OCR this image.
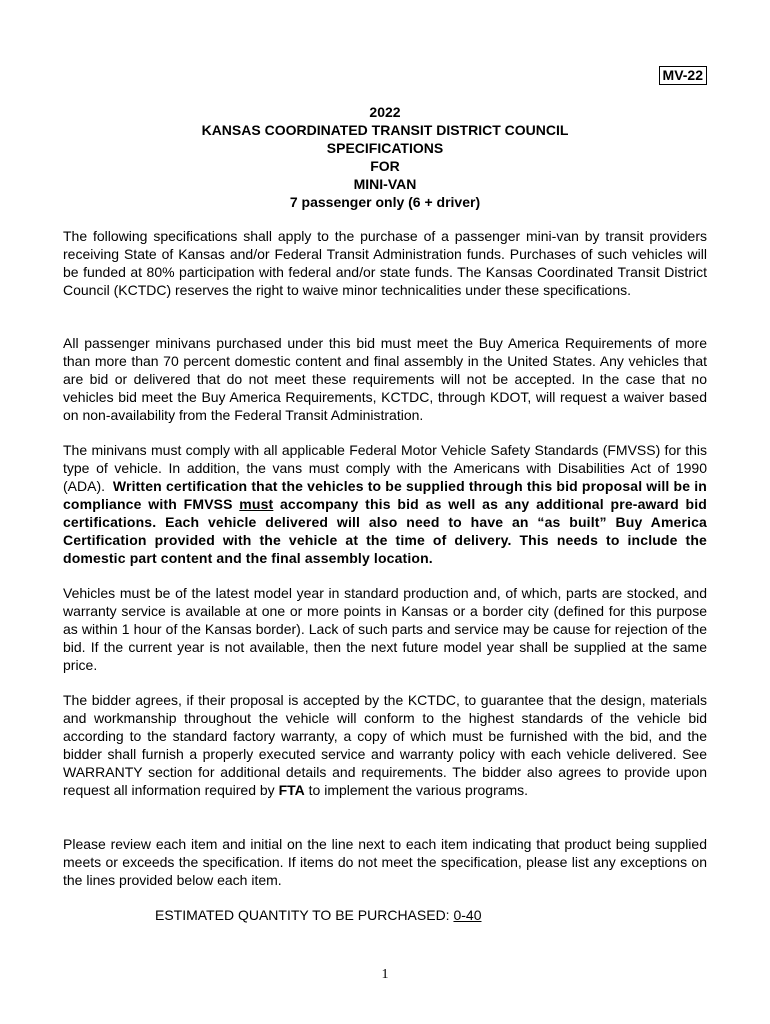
MV-22
2022
KANSAS COORDINATED TRANSIT DISTRICT COUNCIL
SPECIFICATIONS
FOR
MINI-VAN
7 passenger only (6 + driver)
The following specifications shall apply to the purchase of a passenger mini-van by transit providers receiving State of Kansas and/or Federal Transit Administration funds. Purchases of such vehicles will be funded at 80% participation with federal and/or state funds. The Kansas Coordinated Transit District Council (KCTDC) reserves the right to waive minor technicalities under these specifications.
All passenger minivans purchased under this bid must meet the Buy America Requirements of more than more than 70 percent domestic content and final assembly in the United States. Any vehicles that are bid or delivered that do not meet these requirements will not be accepted. In the case that no vehicles bid meet the Buy America Requirements, KCTDC, through KDOT, will request a waiver based on non-availability from the Federal Transit Administration.
The minivans must comply with all applicable Federal Motor Vehicle Safety Standards (FMVSS) for this type of vehicle. In addition, the vans must comply with the Americans with Disabilities Act of 1990 (ADA). Written certification that the vehicles to be supplied through this bid proposal will be in compliance with FMVSS must accompany this bid as well as any additional pre-award bid certifications. Each vehicle delivered will also need to have an “as built” Buy America Certification provided with the vehicle at the time of delivery. This needs to include the domestic part content and the final assembly location.
Vehicles must be of the latest model year in standard production and, of which, parts are stocked, and warranty service is available at one or more points in Kansas or a border city (defined for this purpose as within 1 hour of the Kansas border). Lack of such parts and service may be cause for rejection of the bid. If the current year is not available, then the next future model year shall be supplied at the same price.
The bidder agrees, if their proposal is accepted by the KCTDC, to guarantee that the design, materials and workmanship throughout the vehicle will conform to the highest standards of the vehicle bid according to the standard factory warranty, a copy of which must be furnished with the bid, and the bidder shall furnish a properly executed service and warranty policy with each vehicle delivered. See WARRANTY section for additional details and requirements. The bidder also agrees to provide upon request all information required by FTA to implement the various programs.
Please review each item and initial on the line next to each item indicating that product being supplied meets or exceeds the specification. If items do not meet the specification, please list any exceptions on the lines provided below each item.
ESTIMATED QUANTITY TO BE PURCHASED: 0-40
1
